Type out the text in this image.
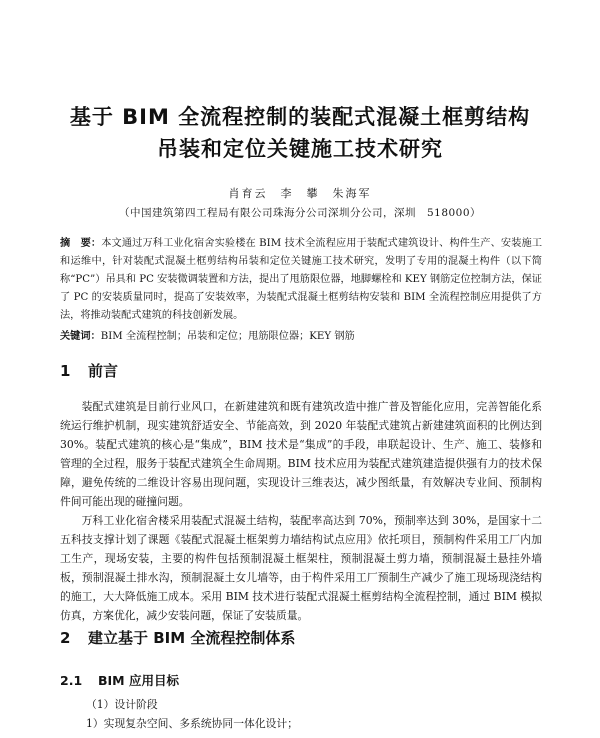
基于 BIM 全流程控制的装配式混凝土框剪结构
吊装和定位关键施工技术研究
肖育云　李　攀　朱海军
（中国建筑第四工程局有限公司珠海分公司深圳分公司，深圳　518000）
摘　要：本文通过万科工业化宿舍实验楼在 BIM 技术全流程应用于装配式建筑设计、构件生产、安装施工和运维中，针对装配式混凝土框剪结构吊装和定位关键施工技术研究，发明了专用的混凝土构件（以下简称“PC”）吊具和 PC 安装微调装置和方法，提出了甩筋限位器，地脚螺栓和 KEY 钢筋定位控制方法，保证了 PC 的安装质量同时，提高了安装效率，为装配式混凝土框剪结构安装和 BIM 全流程控制应用提供了方法，将推动装配式建筑的科技创新发展。
关键词：BIM 全流程控制；吊装和定位；甩筋限位器；KEY 钢筋
1 前言

装配式建筑是目前行业风口，在新建建筑和既有建筑改造中推广普及智能化应用，完善智能化系统运行维护机制，现实建筑舒适安全、节能高效，到 2020 年装配式建筑占新建建筑面积的比例达到 30%。装配式建筑的核心是“集成”，BIM 技术是“集成”的手段，串联起设计、生产、施工、装修和管理的全过程，服务于装配式建筑全生命周期。BIM 技术应用为装配式建筑建造提供强有力的技术保障，避免传统的二维设计容易出现问题，实现设计三维表达，减少图纸量，有效解决专业间、预制构件间可能出现的碰撞问题。

万科工业化宿舍楼采用装配式混凝土结构，装配率高达到 70%，预制率达到 30%，是国家十二五科技支撑计划了课题《装配式混凝土框架剪力墙结构试点应用》依托项目，预制构件采用工厂内加工生产，现场安装，主要的构件包括预制混凝土框架柱，预制混凝土剪力墙，预制混凝土悬挂外墙板，预制混凝土排水沟，预制混凝土女儿墙等，由于构件采用工厂预制生产减少了施工现场现浇结构的施工，大大降低施工成本。采用 BIM 技术进行装配式混凝土框剪结构全流程控制，通过 BIM 模拟仿真，方案优化，减少安装问题，保证了安装质量。

2 建立基于 BIM 全流程控制体系
2.1 BIM 应用目标
（1）设计阶段
1）实现复杂空间、多系统协同一体化设计；
